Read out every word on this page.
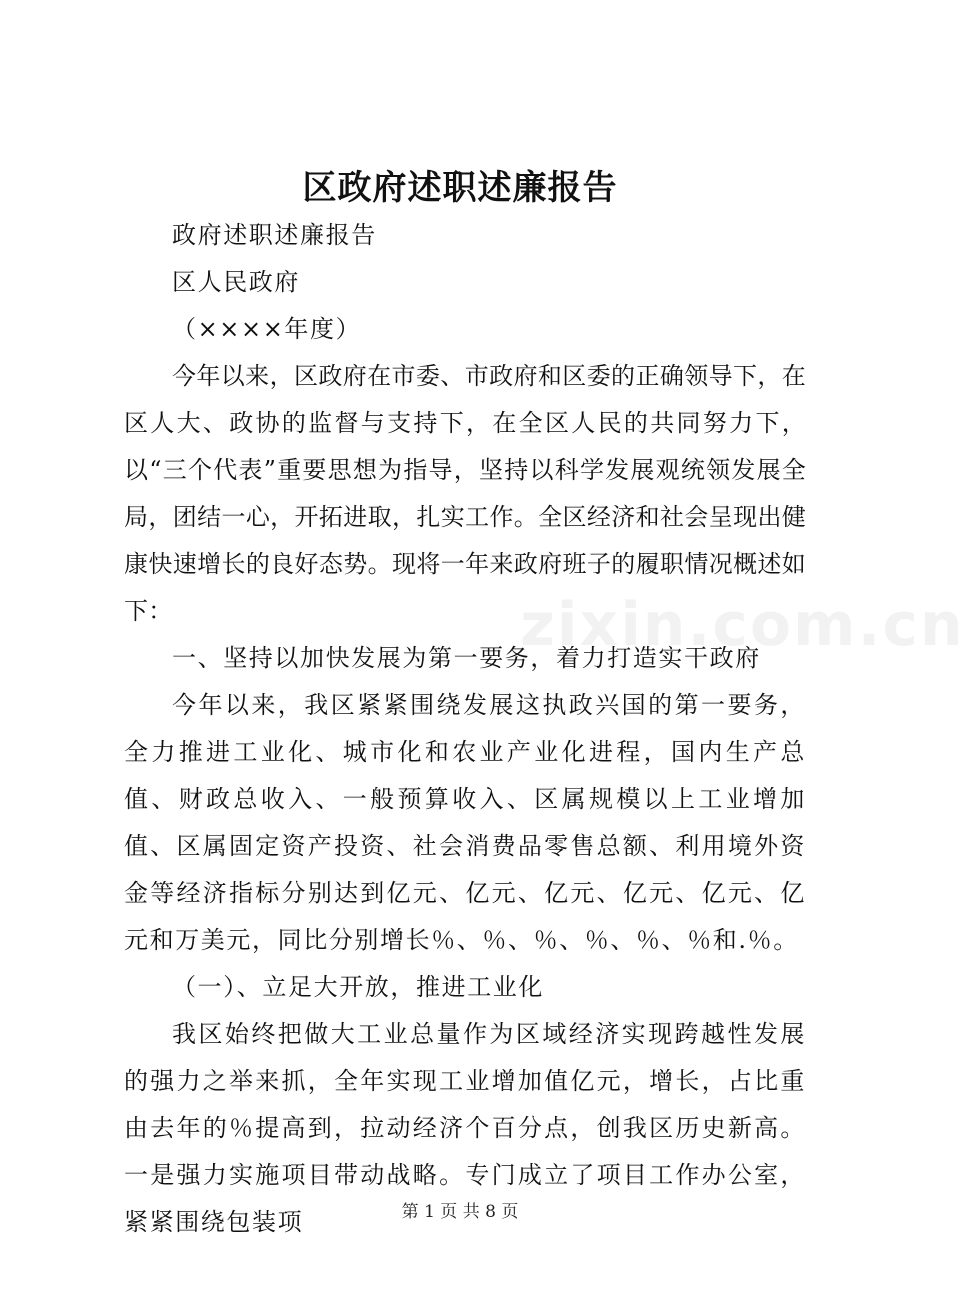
区政府述职述廉报告

政府述职述廉报告

区人民政府

（××××年度）

今年以来，区政府在市委、市政府和区委的正确领导下，在区人大、政协的监督与支持下，在全区人民的共同努力下，以“三个代表”重要思想为指导，坚持以科学发展观统领发展全局，团结一心，开拓进取，扎实工作。全区经济和社会呈现出健康快速增长的良好态势。现将一年来政府班子的履职情况概述如下：

一、坚持以加快发展为第一要务，着力打造实干政府

今年以来，我区紧紧围绕发展这执政兴国的第一要务，全力推进工业化、城市化和农业产业化进程，国内生产总值、财政总收入、一般预算收入、区属规模以上工业增加值、区属固定资产投资、社会消费品零售总额、利用境外资金等经济指标分别达到亿元、亿元、亿元、亿元、亿元、亿元和万美元，同比分别增长％、％、％、％、％、％和.％。

（一）、立足大开放，推进工业化

我区始终把做大工业总量作为区域经济实现跨越性发展的强力之举来抓，全年实现工业增加值亿元，增长，占比重由去年的％提高到，拉动经济个百分点，创我区历史新高。一是强力实施项目带动战略。专门成立了项目工作办公室，紧紧围绕包装项

zixin.com.cn
第 1 页 共 8 页
